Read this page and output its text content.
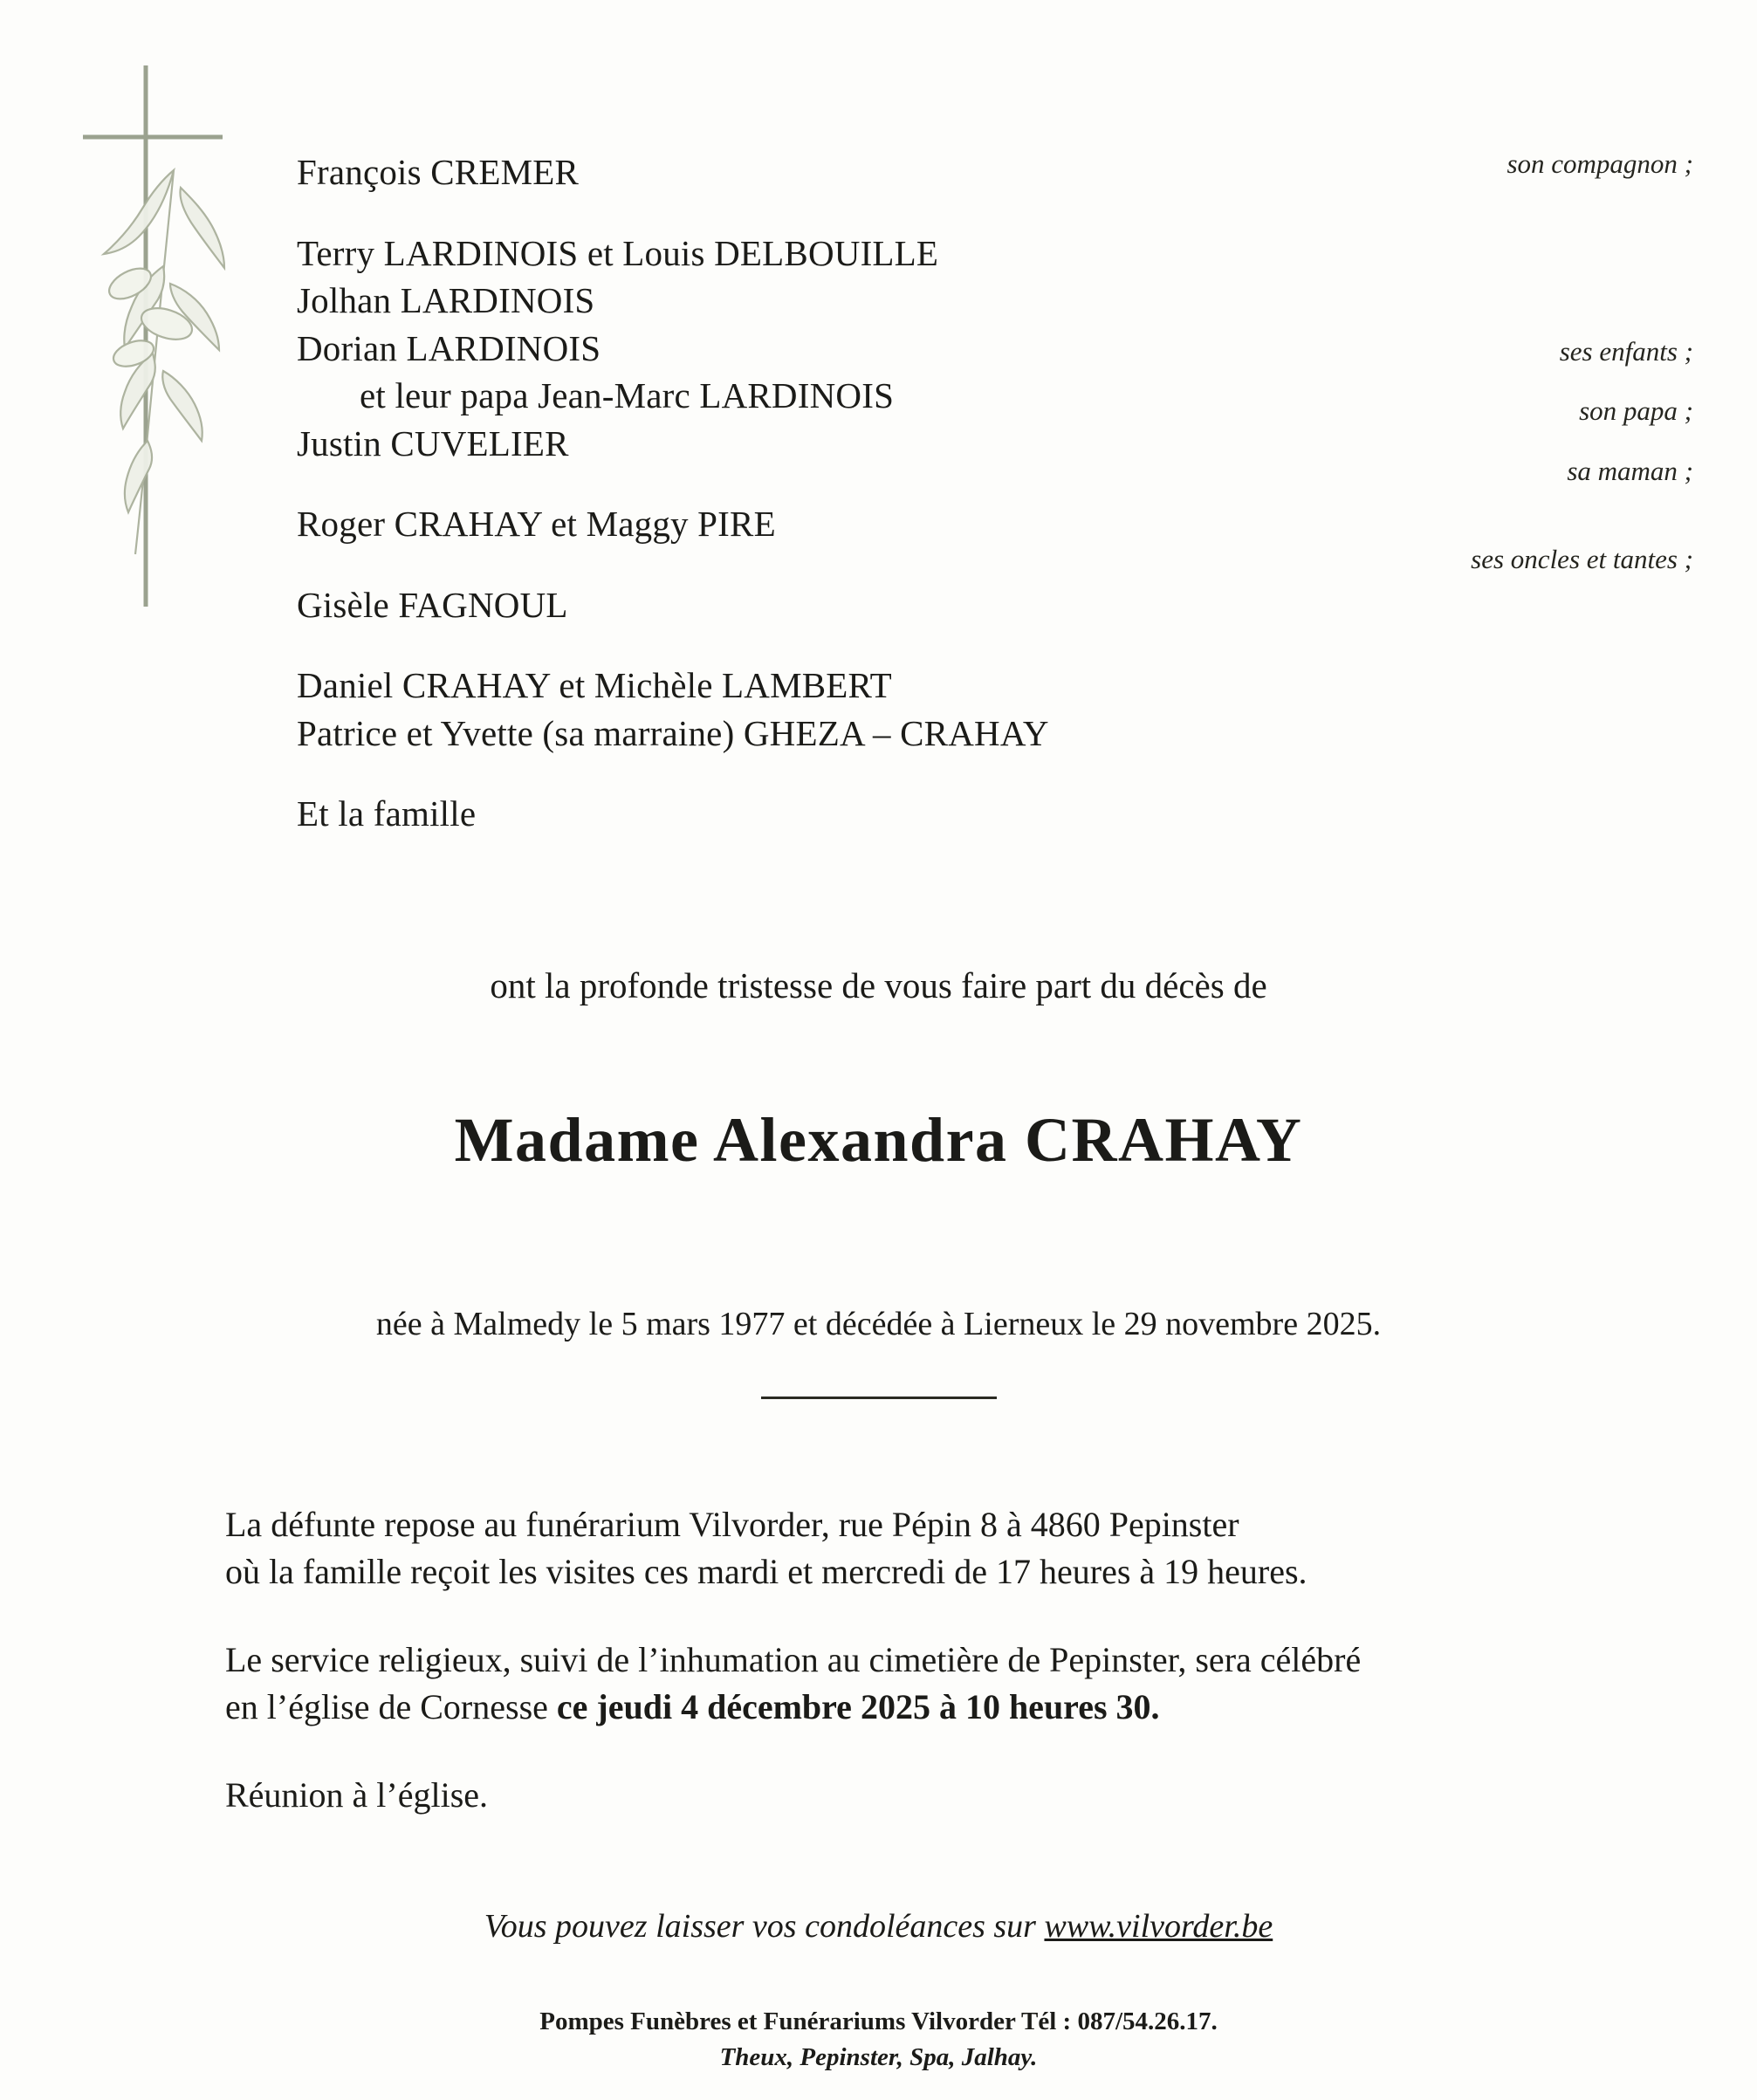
François CREMER
Terry LARDINOIS et Louis DELBOUILLE
Jolhan LARDINOIS
Dorian LARDINOIS
et leur papa Jean-Marc LARDINOIS
Justin CUVELIER
Roger CRAHAY et Maggy PIRE
Gisèle FAGNOUL
Daniel CRAHAY et Michèle LAMBERT
Patrice et Yvette (sa marraine) GHEZA – CRAHAY
Et la famille
son compagnon ;
ses enfants ;
son papa ;
sa maman ;
ses oncles et tantes ;
ont la profonde tristesse de vous faire part du décès de
Madame Alexandra CRAHAY
née à Malmedy le 5 mars 1977 et décédée à Lierneux le 29 novembre 2025.
La défunte repose au funérarium Vilvorder, rue Pépin 8 à 4860 Pepinster
où la famille reçoit les visites ces mardi et mercredi de 17 heures à 19 heures.
Le service religieux, suivi de l’inhumation au cimetière de Pepinster, sera célébré
en l’église de Cornesse ce jeudi 4 décembre 2025 à 10 heures 30.
Réunion à l’église.
Vous pouvez laisser vos condoléances sur www.vilvorder.be
Pompes Funèbres et Funérariums Vilvorder Tél : 087/54.26.17.
Theux, Pepinster, Spa, Jalhay.
